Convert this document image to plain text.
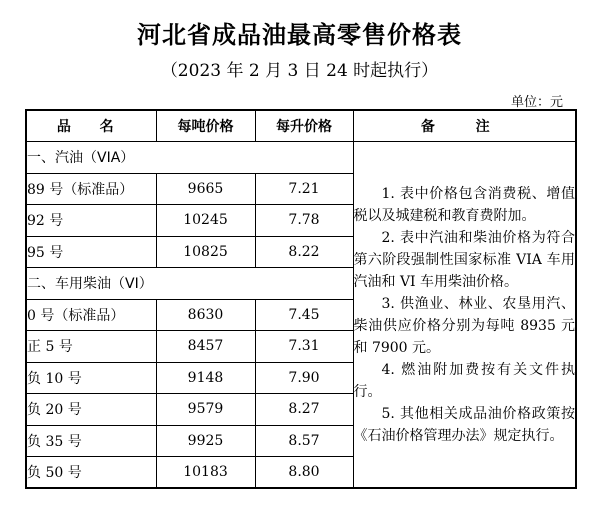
河北省成品油最高零售价格表
（2023 年 2 月 3 日 24 时起执行）
单位：元
品 名	每吨价格	每升价格	备 注
一、汽油（VIA）			1. 表中价格包含消费税、增值税以及城建税和教育费附加。

2. 表中汽油和柴油价格为符合第六阶段强制性国家标准 VIA 车用汽油和 VI 车用柴油价格。

3. 供渔业、林业、农垦用汽、柴油供应价格分别为每吨 8935 元和 7900 元。

4. 燃油附加费按有关文件执行。

5. 其他相关成品油价格政策按《石油价格管理办法》规定执行。

89 号（标准品）	9665	7.21	
92 号	10245	7.78	
95 号	10825	8.22	
二、车用柴油（VI）			
0 号（标准品）	8630	7.45	
正 5 号	8457	7.31	
负 10 号	9148	7.90	
负 20 号	9579	8.27	
负 35 号	9925	8.57	
负 50 号	10183	8.80	
